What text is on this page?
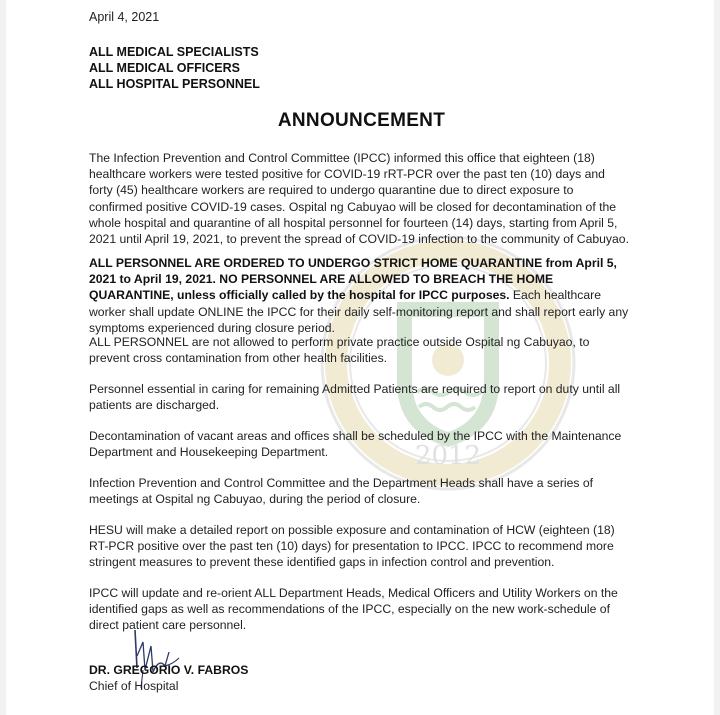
2012
April 4, 2021
ALL MEDICAL SPECIALISTS
ALL MEDICAL OFFICERS
ALL HOSPITAL PERSONNEL
ANNOUNCEMENT
The Infection Prevention and Control Committee (IPCC) informed this office that eighteen (18) healthcare workers were tested positive for COVID-19 rRT-PCR over the past ten (10) days and forty (45) healthcare workers are required to undergo quarantine due to direct exposure to confirmed positive COVID-19 cases. Ospital ng Cabuyao will be closed for decontamination of the whole hospital and quarantine of all hospital personnel for fourteen (14) days, starting from April 5, 2021 until April 19, 2021, to prevent the spread of COVID-19 infection to the community of Cabuyao.
ALL PERSONNEL ARE ORDERED TO UNDERGO STRICT HOME QUARANTINE from April 5, 2021 to April 19, 2021. NO PERSONNEL ARE ALLOWED TO BREACH THE HOME QUARANTINE, unless officially called by the hospital for IPCC purposes. Each healthcare worker shall update ONLINE the IPCC for their daily self-monitoring report and shall report early any symptoms experienced during closure period.
ALL PERSONNEL are not allowed to perform private practice outside Ospital ng Cabuyao, to prevent cross contamination from other health facilities.
Personnel essential in caring for remaining Admitted Patients are required to report on duty until all patients are discharged.
Decontamination of vacant areas and offices shall be scheduled by the IPCC with the Maintenance Department and Housekeeping Department.
Infection Prevention and Control Committee and the Department Heads shall have a series of meetings at Ospital ng Cabuyao, during the period of closure.
HESU will make a detailed report on possible exposure and contamination of HCW (eighteen (18) RT-PCR positive over the past ten (10) days) for presentation to IPCC. IPCC to recommend more stringent measures to prevent these identified gaps in infection control and prevention.
IPCC will update and re-orient ALL Department Heads, Medical Officers and Utility Workers on the identified gaps as well as recommendations of the IPCC, especially on the new work-schedule of direct patient care personnel.
DR. GREGORIO V. FABROS
Chief of Hospital
